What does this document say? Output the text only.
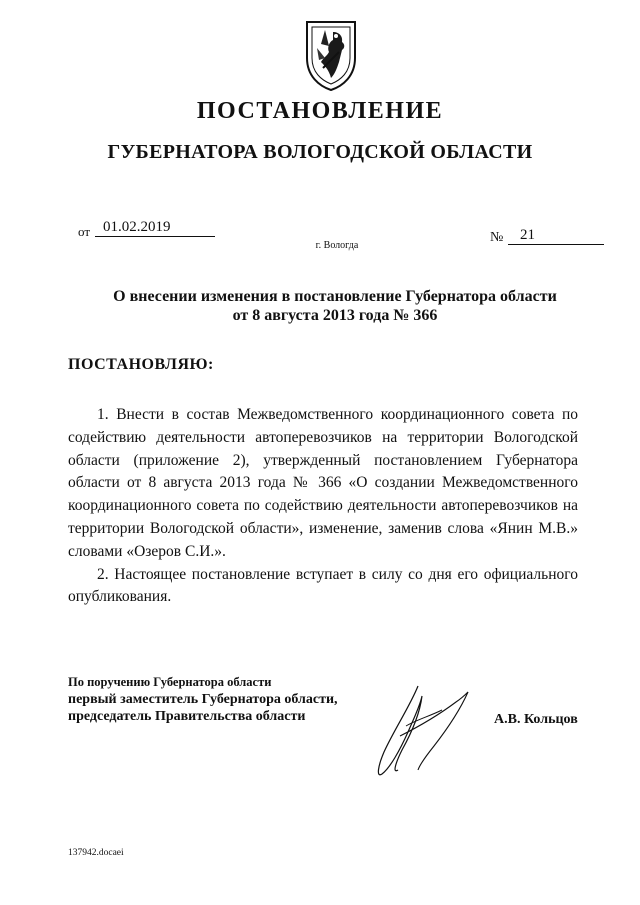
ПОСТАНОВЛЕНИЕ
ГУБЕРНАТОРА ВОЛОГОДСКОЙ ОБЛАСТИ
от 01.02.2019
№	21
г. Вологда
О внесении изменения в постановление Губернатора области
от 8 августа 2013 года № 366
ПОСТАНОВЛЯЮ:

1. Внести в состав Межведомственного координационного совета по содействию деятельности автоперевозчиков на территории Вологодской области (приложение 2), утвержденный постановлением Губернатора области от 8 августа 2013 года № 366 «О создании Межведомственного координационного совета по содействию деятельности автоперевозчиков на территории Вологодской области», изменение, заменив слова «Янин М.В.» словами «Озеров С.И.».

2. Настоящее постановление вступает в силу со дня его официального опубликования.

По поручению Губернатора области
первый заместитель Губернатора области,
председатель Правительства области	А.В. Кольцов
137942.docaei
